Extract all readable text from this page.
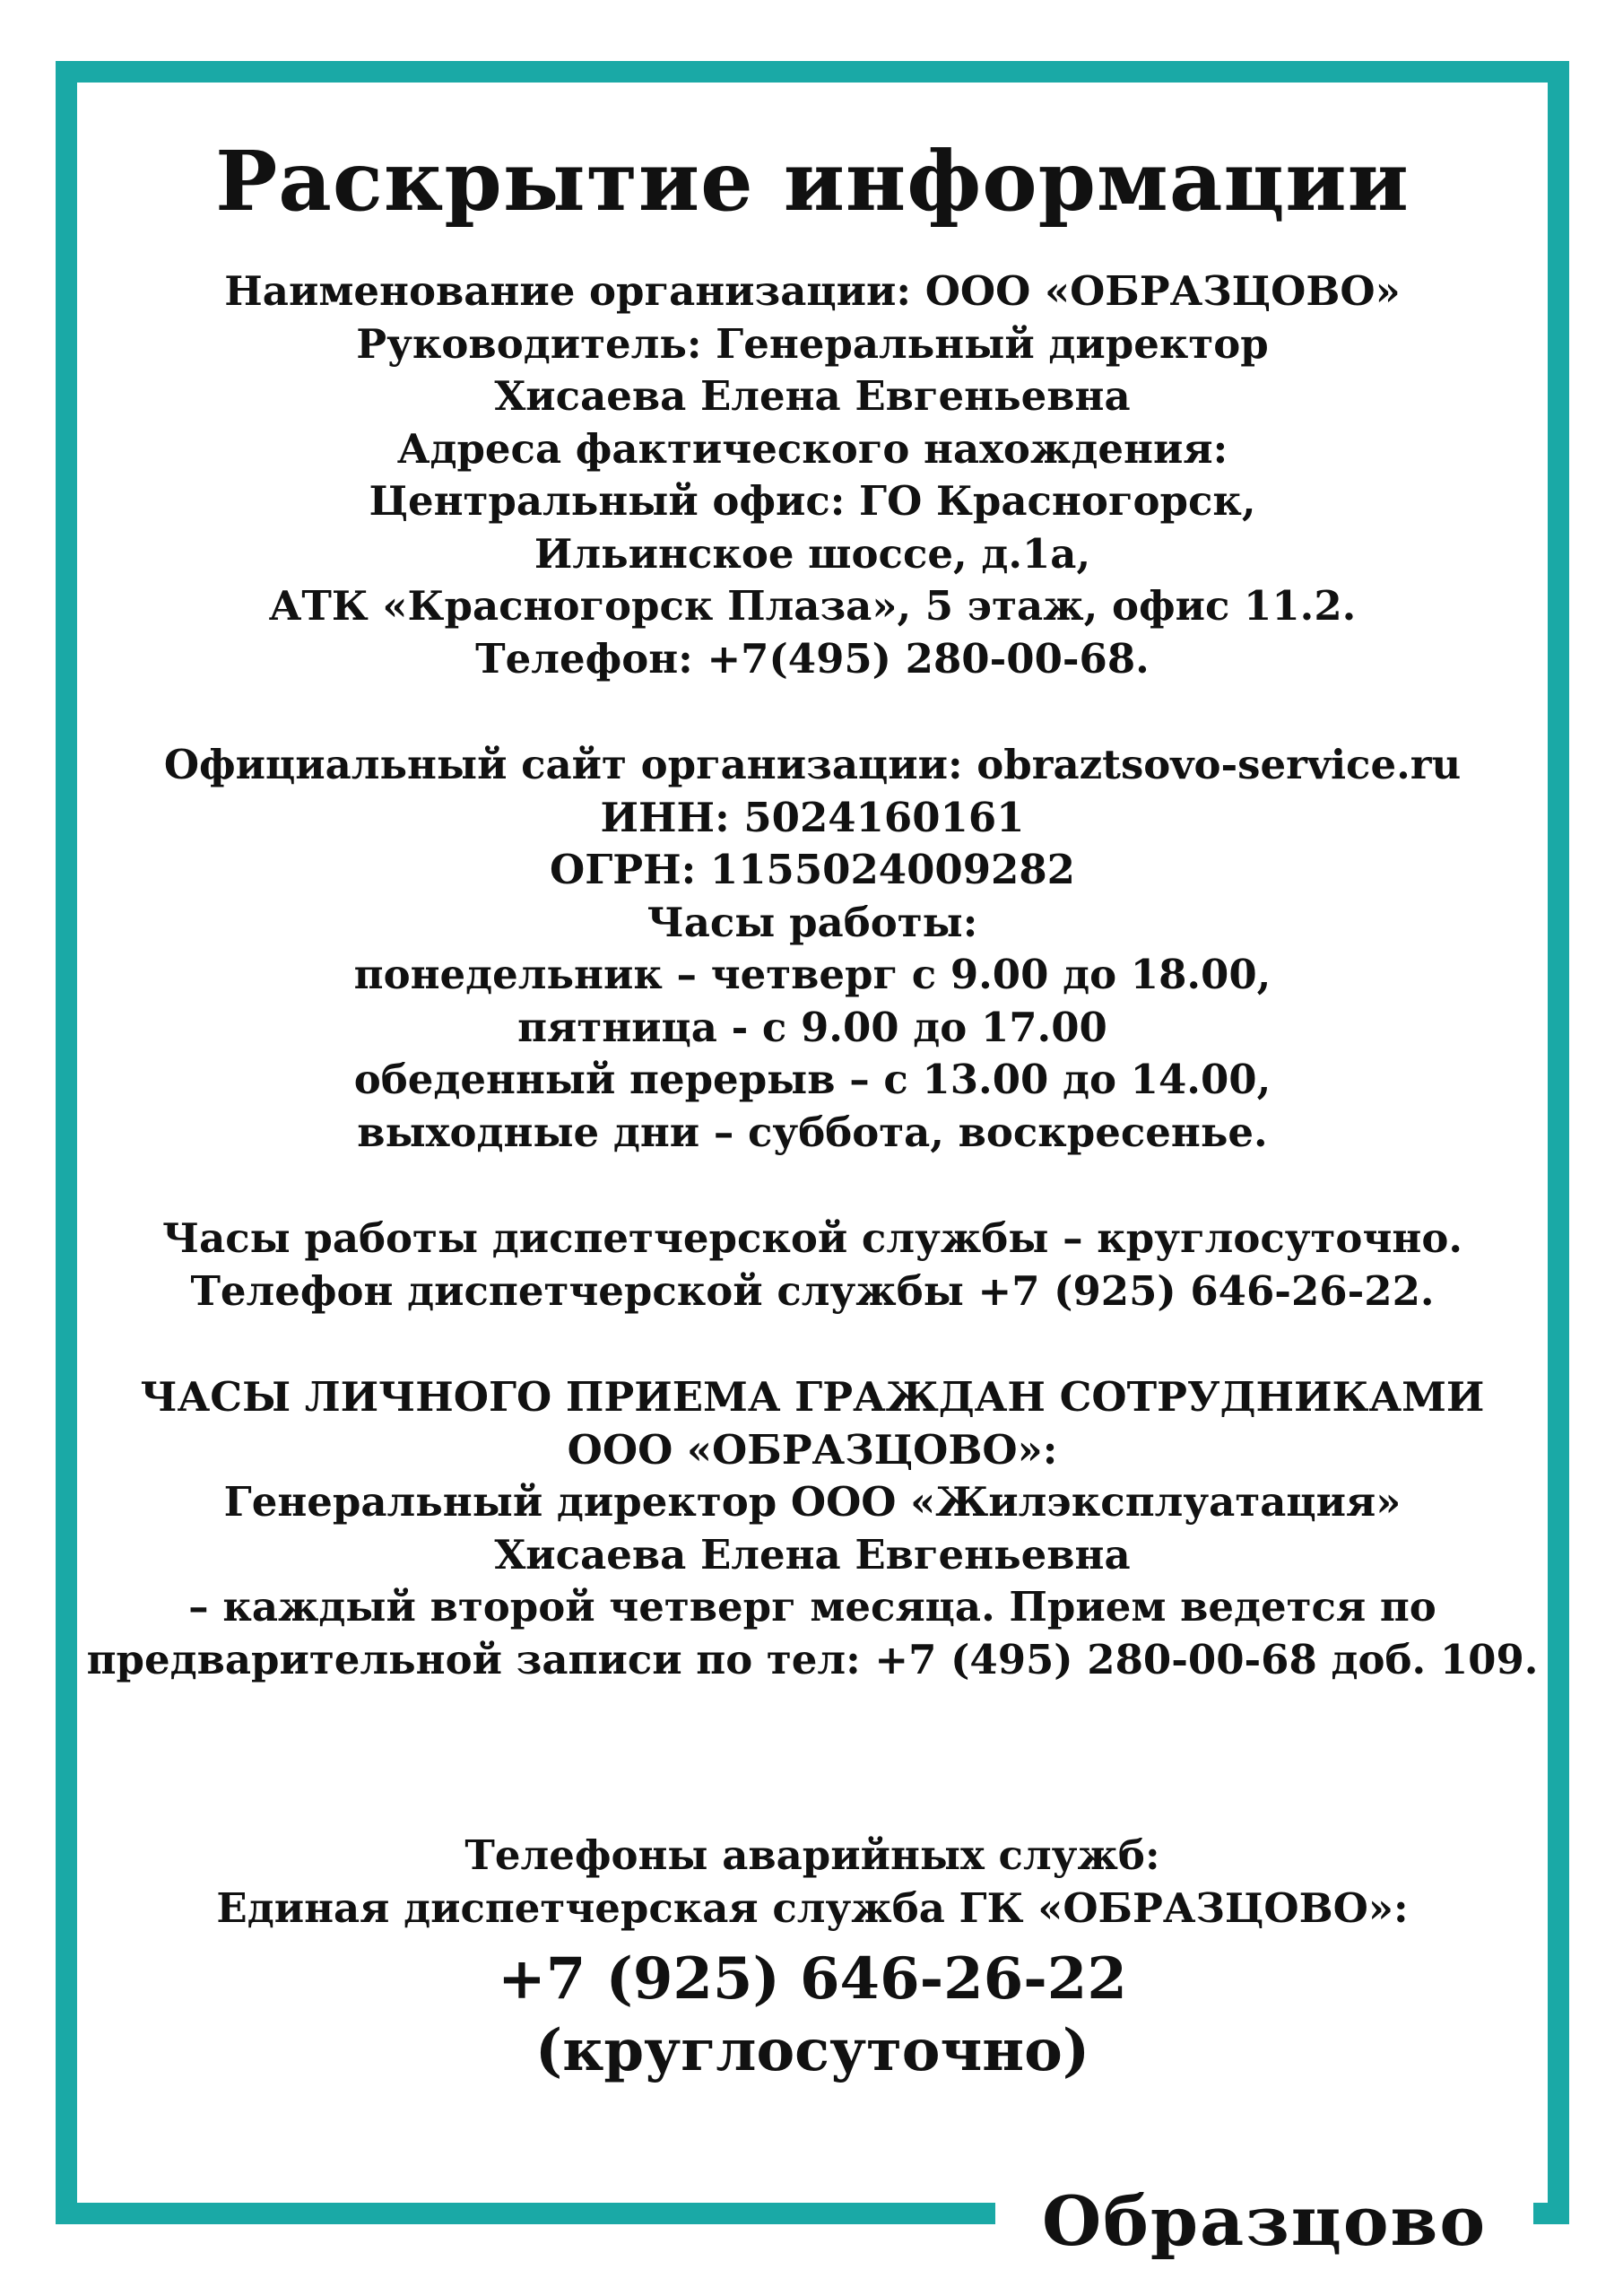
Раскрытие информации

Наименование организации: ООО «ОБРАЗЦОВО»

Руководитель: Генеральный директор

Хисаева Елена Евгеньевна

Адреса фактического нахождения:

Центральный офис: ГО Красногорск,

Ильинское шоссе, д.1а,

АТК «Красногорск Плаза», 5 этаж, офис 11.2.

Телефон: +7(495) 280-00-68.

Официальный сайт организации: obraztsovo-service.ru

ИНН: 5024160161

ОГРН: 1155024009282

Часы работы:

понедельник – четверг с 9.00 до 18.00,

пятница - с 9.00 до 17.00

обеденный перерыв – с 13.00 до 14.00,

выходные дни – суббота, воскресенье.

Часы работы диспетчерской службы – круглосуточно.

Телефон диспетчерской службы +7 (925) 646-26-22.

ЧАСЫ ЛИЧНОГО ПРИЕМА ГРАЖДАН СОТРУДНИКАМИ

ООО «ОБРАЗЦОВО»:

Генеральный директор ООО «Жилэксплуатация»

Хисаева Елена Евгеньевна

– каждый второй четверг месяца. Прием ведется по

предварительной записи по тел: +7 (495) 280-00-68 доб. 109.

Телефоны аварийных служб:

Единая диспетчерская служба ГК «ОБРАЗЦОВО»:

+7 (925) 646-26-22

(круглосуточно)

Образцово
